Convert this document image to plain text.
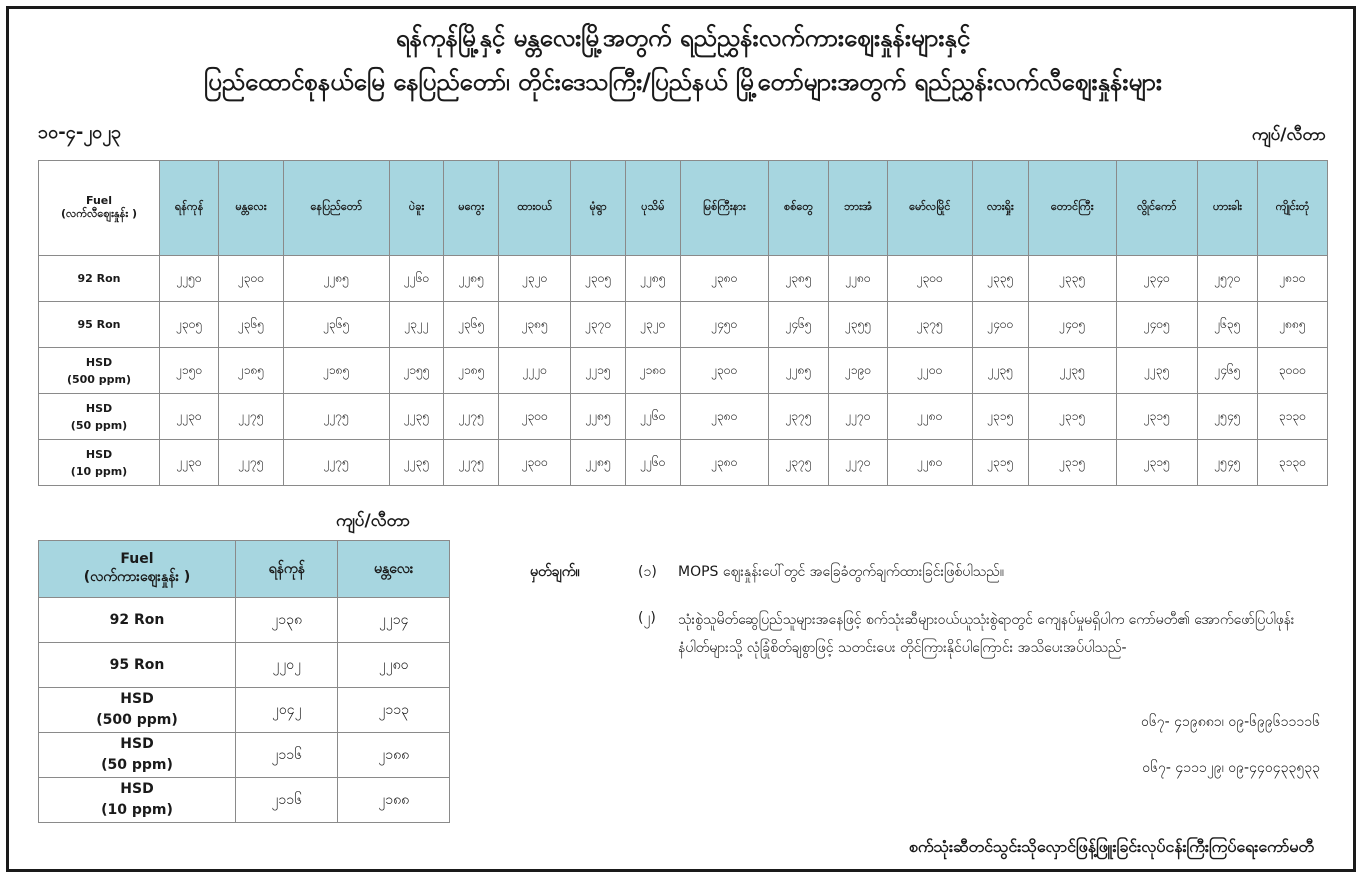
ရန်ကုန်မြို့နှင့် မန္တလေးမြို့အတွက် ရည်ညွှန်းလက်ကားဈေးနှုန်းများနှင့်
ပြည်ထောင်စုနယ်မြေ နေပြည်တော်၊ တိုင်းဒေသကြီး/ပြည်နယ် မြို့တော်များအတွက် ရည်ညွှန်းလက်လီဈေးနှုန်းများ
၁၀-၄-၂၀၂၃	ကျပ်/လီတာ
Fuel
(လက်လီဈေးနှုန်း )	ရန်ကုန်	မန္တလေး	နေပြည်တော်	ပဲခူး	မကွေး	ထားဝယ်	မုံရွာ	ပုသိမ်	မြစ်ကြီးနား	စစ်တွေ	ဘားအံ	မော်လမြိုင်	လားရှိုး	တောင်ကြီး	လွိုင်ကော်	ဟားခါး	ကျိုင်းတုံ

92 Ron	၂၂၅၀	၂၃၀၀	၂၂၈၅	၂၂၆၀	၂၂၈၅	၂၃၂၀	၂၃၀၅	၂၂၈၅	၂၃၈၀	၂၃၈၅	၂၂၈၀	၂၃၀၀	၂၃၃၅	၂၃၃၅	၂၃၄၀	၂၅၇၀	၂၈၁၀

95 Ron	၂၃၀၅	၂၃၆၅	၂၃၆၅	၂၃၂၂	၂၃၆၅	၂၃၈၅	၂၃၇၀	၂၃၂၀	၂၄၅၀	၂၄၆၅	၂၃၅၅	၂၃၇၅	၂၄၀၀	၂၄၀၅	၂၄၀၅	၂၆၃၅	၂၈၈၅

HSD
(500 ppm)	၂၁၅၀	၂၁၈၅	၂၁၈၅	၂၁၅၅	၂၁၈၅	၂၂၂၀	၂၂၁၅	၂၁၈၀	၂၃၀၀	၂၂၈၅	၂၁၉၀	၂၂၀၀	၂၂၃၅	၂၂၃၅	၂၂၃၅	၂၄၆၅	၃၀၀၀

HSD
(50 ppm)	၂၂၃၀	၂၂၇၅	၂၂၇၅	၂၂၃၅	၂၂၇၅	၂၃၀၀	၂၂၈၅	၂၂၆၀	၂၃၈၀	၂၃၇၅	၂၂၇၀	၂၂၈၀	၂၃၁၅	၂၃၁၅	၂၃၁၅	၂၅၄၅	၃၁၃၀

HSD
(10 ppm)	၂၂၃၀	၂၂၇၅	၂၂၇၅	၂၂၃၅	၂၂၇၅	၂၃၀၀	၂၂၈၅	၂၂၆၀	၂၃၈၀	၂၃၇၅	၂၂၇၀	၂၂၈၀	၂၃၁၅	၂၃၁၅	၂၃၁၅	၂၅၄၅	၃၁၃၀
ကျပ်/လီတာ
Fuel
(လက်ကားဈေးနှုန်း )	ရန်ကုန်	မန္တလေး

92 Ron	၂၁၃၈	၂၂၁၄

95 Ron	၂၂၀၂	၂၂၈၀

HSD
(500 ppm)	၂၀၄၂	၂၁၁၃

HSD
(50 ppm)	၂၁၁၆	၂၁၈၈

HSD
(10 ppm)	၂၁၁၆	၂၁၈၈
မှတ်ချက်။	(၁) MOPS ဈေးနှုန်းပေါ်တွင် အခြေခံတွက်ချက်ထားခြင်းဖြစ်ပါသည်။
(၂) သုံးစွဲသူမိတ်ဆွေပြည်သူများအနေဖြင့် စက်သုံးဆီများဝယ်ယူသုံးစွဲရာတွင် ကျေနပ်မှုမရှိပါက ကော်မတီ၏ အောက်ဖော်ပြပါဖုန်းနံပါတ်များသို့ လုံခြုံစိတ်ချစွာဖြင့် သတင်းပေး တိုင်ကြားနိုင်ပါကြောင်း အသိပေးအပ်ပါသည်-
၀၆၇- ၄၁၉၈၈၁၊ ၀၉-၆၉၉၆၁၁၁၁၆
၀၆၇- ၄၁၁၁၂၉၊ ၀၉-၄၄၀၄၃၃၅၃၃
စက်သုံးဆီတင်သွင်းသိုလှောင်ဖြန့်ဖြူးခြင်းလုပ်ငန်းကြီးကြပ်ရေးကော်မတီ
